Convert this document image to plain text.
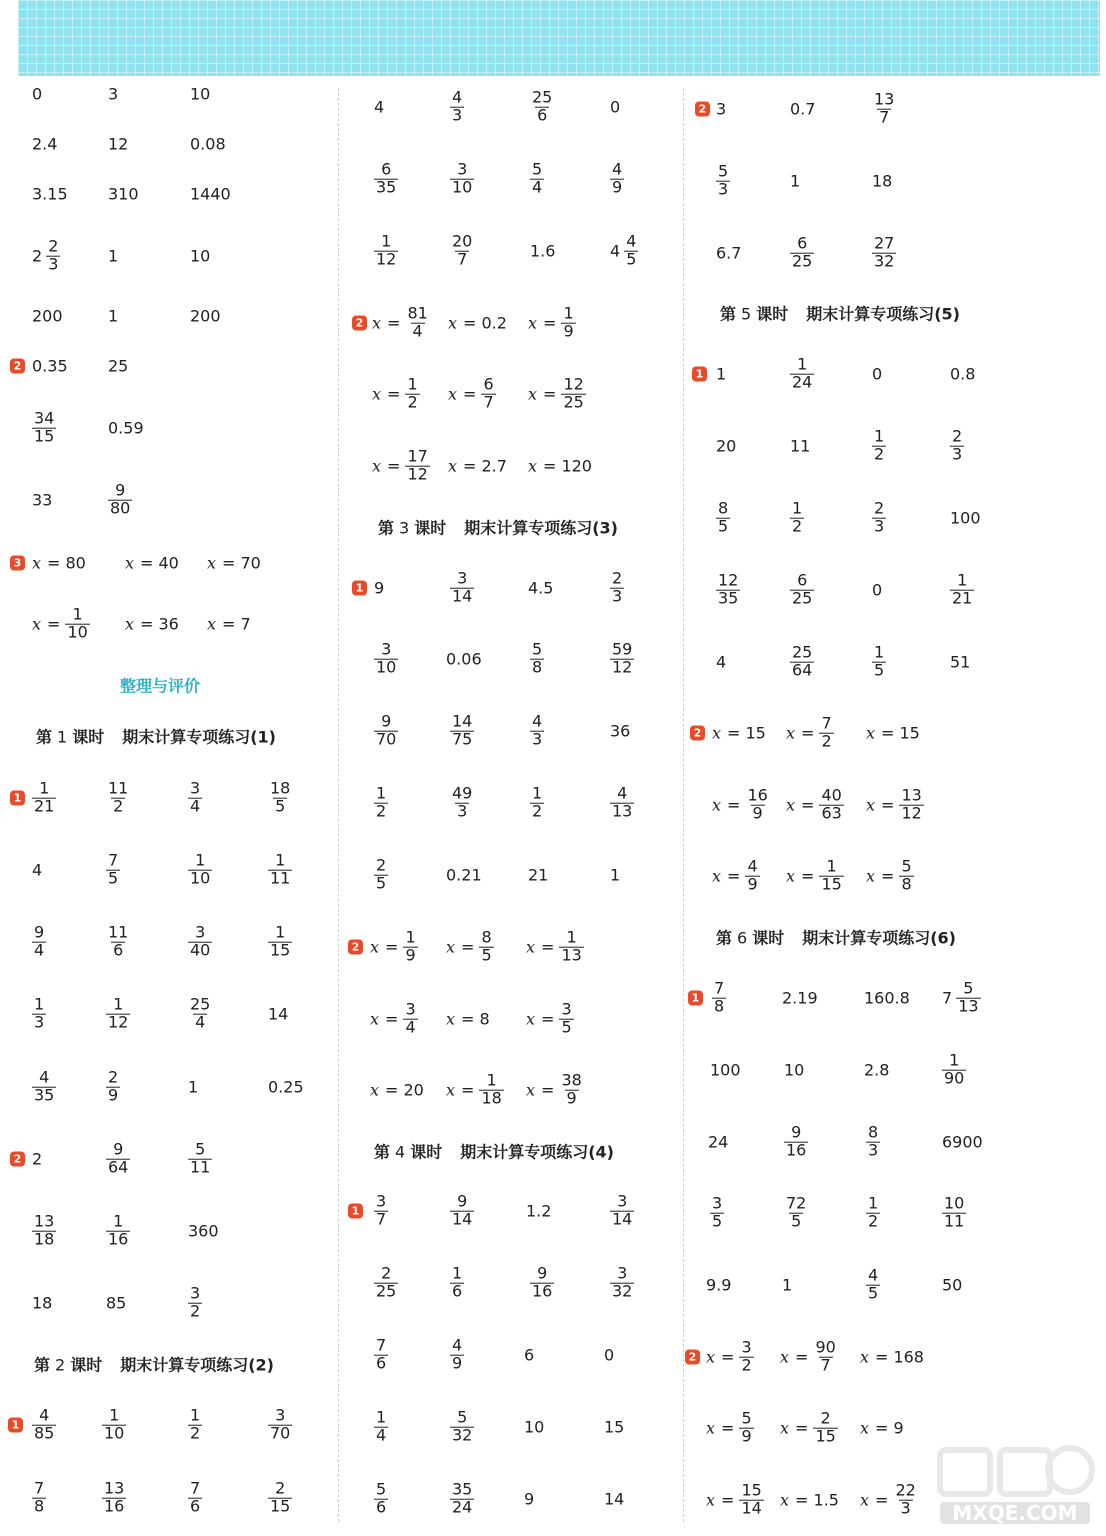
0	3	10
2.4	12	0.08
3.15	310	1440
$2 \frac{2}{3}$	1	10
200	1	200
2 0.35	25
$\frac{34}{15}$	0.59
33	$\frac{9}{80}$
3 x = 80 x = 40 x = 70
$x = \frac{1}{10}$ x = 36 x = 7
整理与评价
第 1 课时 期末计算专项练习(1)
$1 \frac{1}{21}$	$\frac{11}{2}$	$\frac{3}{4}$	$\frac{18}{5}$
4	$\frac{7}{5}$	$\frac{1}{10}$	$\frac{1}{11}$
$\frac{9}{4}$	$\frac{11}{6}$	$\frac{3}{40}$	$\frac{1}{15}$
$\frac{1}{3}$	$\frac{1}{12}$	$\frac{25}{4}$	14
$\frac{4}{35}$	$\frac{2}{9}$	1	0.25
2 2	$\frac{9}{64}$	$\frac{5}{11}$
$\frac{13}{18}$	$\frac{1}{16}$	360
18	85	$\frac{3}{2}$
第 2 课时 期末计算专项练习(2)
$1 \frac{4}{85}$	$\frac{1}{10}$	$\frac{1}{2}$	$\frac{3}{70}$
$\frac{7}{8}$	$\frac{13}{16}$	$\frac{7}{6}$	$\frac{2}{15}$
4	$\frac{4}{3}$	$\frac{25}{6}$	0
$\frac{6}{35}$	$\frac{3}{10}$	$\frac{5}{4}$	$\frac{4}{9}$
$\frac{1}{12}$	$\frac{20}{7}$	1.6	$4 \frac{4}{5}$
2 $x = \frac{81}{4}$ x = 0.2 $x = \frac{1}{9}$
$x = \frac{1}{2}$ $x = \frac{6}{7}$ $x = \frac{12}{25}$
$x = \frac{17}{12}$ x = 2.7 x = 120
第 3 课时 期末计算专项练习(3)
1 9	$\frac{3}{14}$	4.5	$\frac{2}{3}$
$\frac{3}{10}$	0.06	$\frac{5}{8}$	$\frac{59}{12}$
$\frac{9}{70}$	$\frac{14}{75}$	$\frac{4}{3}$	36
$\frac{1}{2}$	$\frac{49}{3}$	$\frac{1}{2}$	$\frac{4}{13}$
$\frac{2}{5}$	0.21	21	1
2 $x = \frac{1}{9}$ $x = \frac{8}{5}$ $x = \frac{1}{13}$
$x = \frac{3}{4}$ x = 8 $x = \frac{3}{5}$
x = 20 $x = \frac{1}{18}$ $x = \frac{38}{9}$
第 4 课时 期末计算专项练习(4)
$1 \frac{3}{7}$	$\frac{9}{14}$	1.2	$\frac{3}{14}$
$\frac{2}{25}$	$\frac{1}{6}$	$\frac{9}{16}$	$\frac{3}{32}$
$\frac{7}{6}$	$\frac{4}{9}$	6	0
$\frac{1}{4}$	$\frac{5}{32}$	10	15
$\frac{5}{6}$	$\frac{35}{24}$	9	14
2 3	0.7	$\frac{13}{7}$
$\frac{5}{3}$	1	18
6.7	$\frac{6}{25}$	$\frac{27}{32}$
第 5 课时 期末计算专项练习(5)
1 1	$\frac{1}{24}$	0	0.8
20	11	$\frac{1}{2}$	$\frac{2}{3}$
$\frac{8}{5}$	$\frac{1}{2}$	$\frac{2}{3}$	100
$\frac{12}{35}$	$\frac{6}{25}$	0	$\frac{1}{21}$
4	$\frac{25}{64}$	$\frac{1}{5}$	51
2 x = 15 $x = \frac{7}{2}$ x = 15
$x = \frac{16}{9}$ $x = \frac{40}{63}$ $x = \frac{13}{12}$
$x = \frac{4}{9}$ $x = \frac{1}{15}$ $x = \frac{5}{8}$
第 6 课时 期末计算专项练习(6)
$1 \frac{7}{8}$	2.19	160.8 $7 \frac{5}{13}$
100	10	2.8	$\frac{1}{90}$
24	$\frac{9}{16}$	$\frac{8}{3}$	6900
$\frac{3}{5}$	$\frac{72}{5}$	$\frac{1}{2}$	$\frac{10}{11}$
9.9	1	$\frac{4}{5}$	50
2 $x = \frac{3}{2}$ $x = \frac{90}{7}$ x = 168
$x = \frac{5}{9}$ $x = \frac{2}{15}$ x = 9
$x = \frac{15}{14}$ x = 1.5 $x = \frac{22}{3}$ MXQE.COM
